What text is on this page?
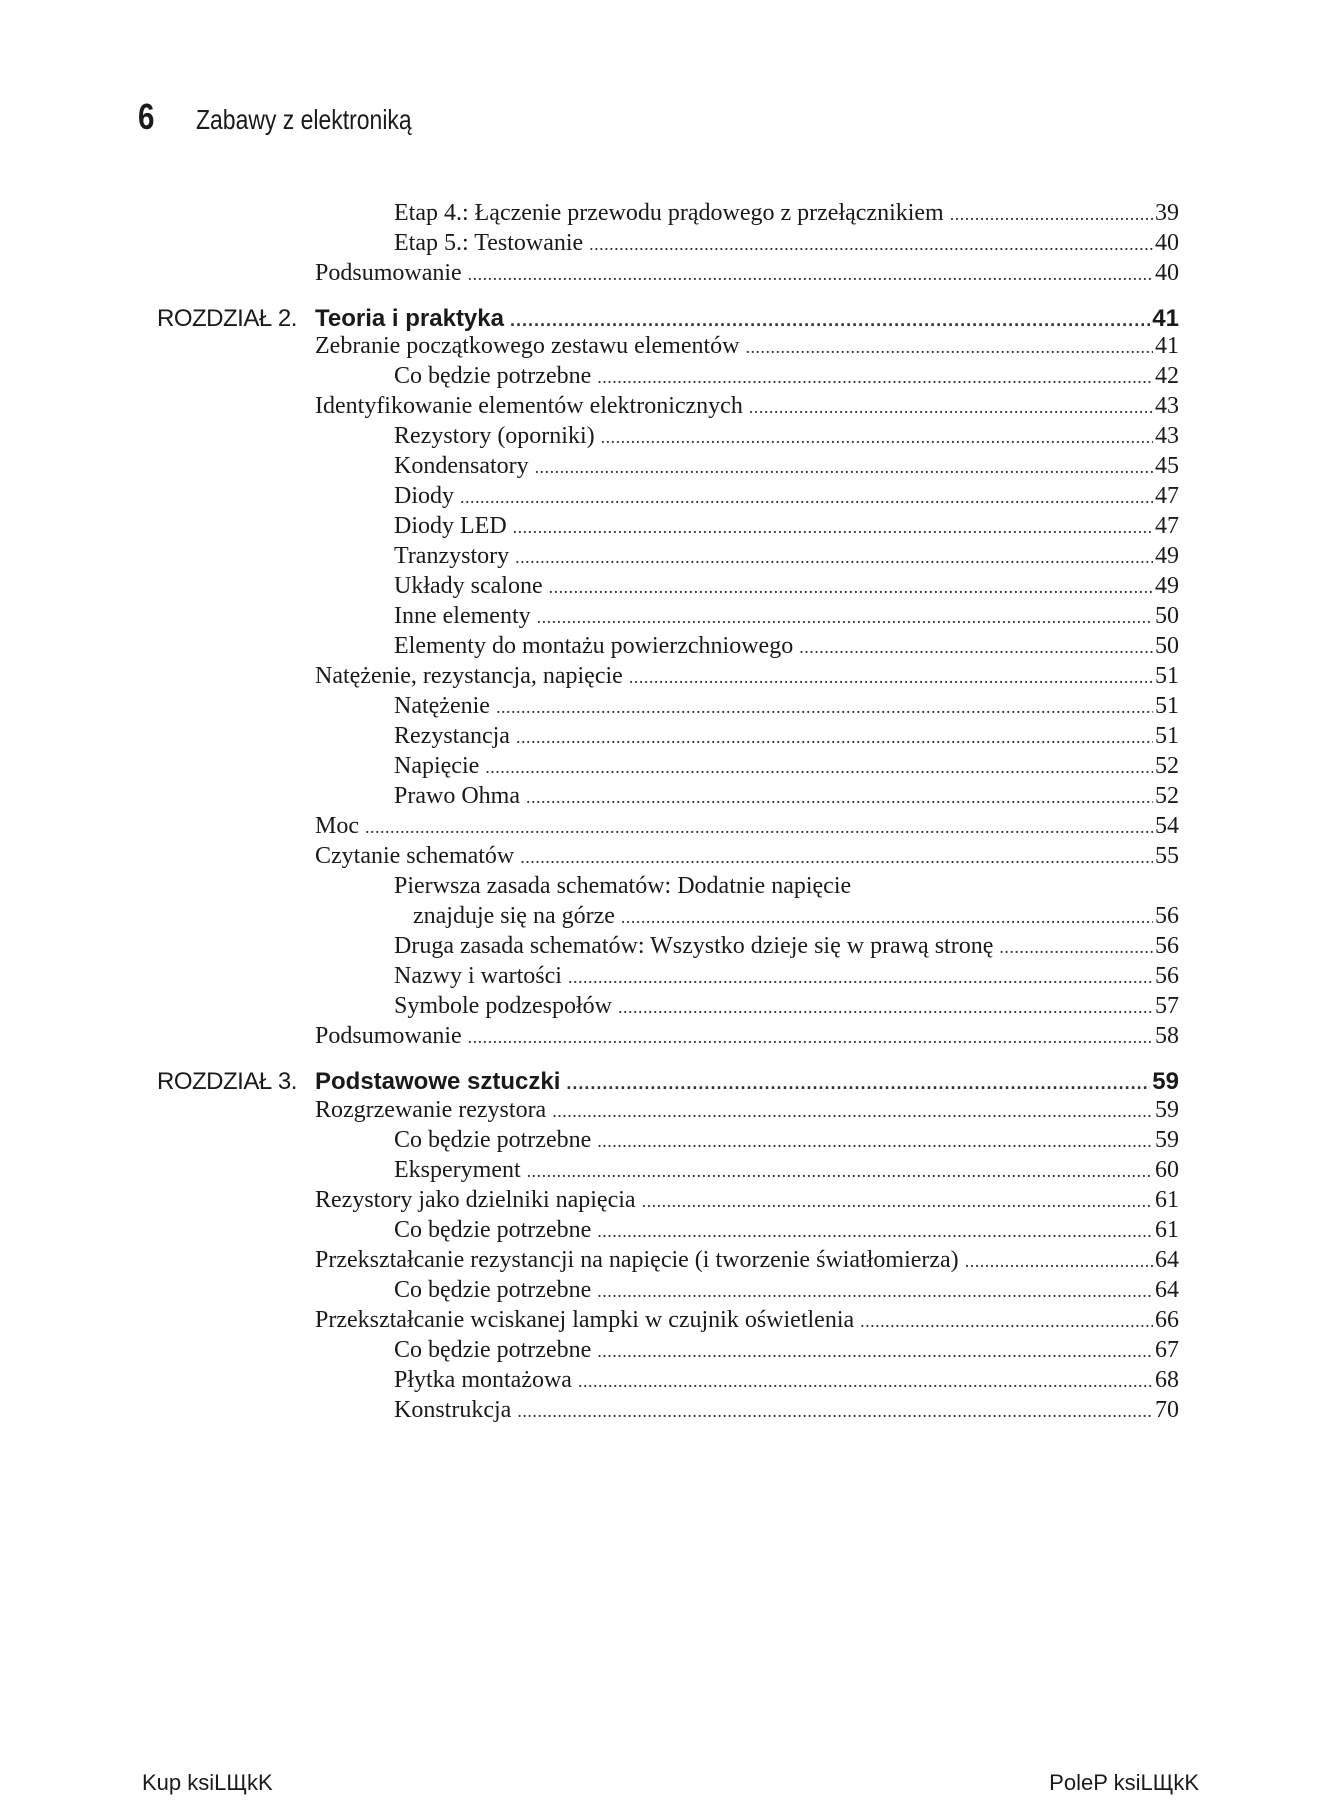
6	Zabawy z elektroniką
Etap 4.: Łączenie przewodu prądowego z przełącznikiem . . .	39
Etap 5.: Testowanie . . .	40
Podsumowanie . . .	40
ROZDZIAŁ 2. Teoria i praktyka . . .	41
Zebranie początkowego zestawu elementów . . .	41
Co będzie potrzebne . . .	42
Identyfikowanie elementów elektronicznych . . .	43
Rezystory (oporniki) . . .	43
Kondensatory . . .	45
Diody . . .	47
Diody LED . . .	47
Tranzystory . . .	49
Układy scalone . . .	49
Inne elementy . . .	50
Elementy do montażu powierzchniowego . . .	50
Natężenie, rezystancja, napięcie . . .	51
Natężenie . . .	51
Rezystancja . . .	51
Napięcie . . .	52
Prawo Ohma . . .	52
Moc . . .	54
Czytanie schematów . . .	55
Pierwsza zasada schematów: Dodatnie napięcie
znajduje się na górze . . .	56
Druga zasada schematów: Wszystko dzieje się w prawą stronę . . .	56
Nazwy i wartości . . .	56
Symbole podzespołów . . .	57
Podsumowanie . . .	58
ROZDZIAŁ 3. Podstawowe sztuczki . . .	59
Rozgrzewanie rezystora . . .	59
Co będzie potrzebne . . .	59
Eksperyment . . .	60
Rezystory jako dzielniki napięcia . . .	61
Co będzie potrzebne . . .	61
Przekształcanie rezystancji na napięcie (i tworzenie światłomierza) . . .	64
Co będzie potrzebne . . .	64
Przekształcanie wciskanej lampki w czujnik oświetlenia . . .	66
Co będzie potrzebne . . .	67
Płytka montażowa . . .	68
Konstrukcja . . .	70
Kup ksiLЩkK	PoleP ksiLЩkK
